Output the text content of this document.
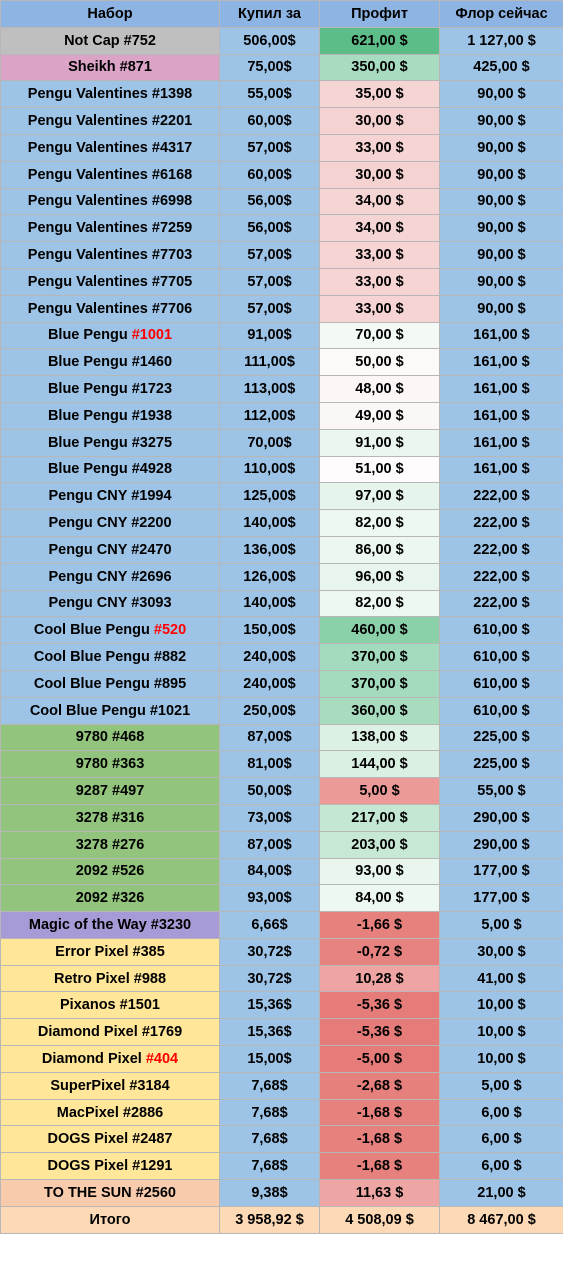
Набор	Купил за	Профит	Флор сейчас
Not Cap #752	506,00$	621,00 $	1 127,00 $
Sheikh #871	75,00$	350,00 $	425,00 $
Pengu Valentines #1398	55,00$	35,00 $	90,00 $
Pengu Valentines #2201	60,00$	30,00 $	90,00 $
Pengu Valentines #4317	57,00$	33,00 $	90,00 $
Pengu Valentines #6168	60,00$	30,00 $	90,00 $
Pengu Valentines #6998	56,00$	34,00 $	90,00 $
Pengu Valentines #7259	56,00$	34,00 $	90,00 $
Pengu Valentines #7703	57,00$	33,00 $	90,00 $
Pengu Valentines #7705	57,00$	33,00 $	90,00 $
Pengu Valentines #7706	57,00$	33,00 $	90,00 $
Blue Pengu #1001	91,00$	70,00 $	161,00 $
Blue Pengu #1460	111,00$	50,00 $	161,00 $
Blue Pengu #1723	113,00$	48,00 $	161,00 $
Blue Pengu #1938	112,00$	49,00 $	161,00 $
Blue Pengu #3275	70,00$	91,00 $	161,00 $
Blue Pengu #4928	110,00$	51,00 $	161,00 $
Pengu CNY #1994	125,00$	97,00 $	222,00 $
Pengu CNY #2200	140,00$	82,00 $	222,00 $
Pengu CNY #2470	136,00$	86,00 $	222,00 $
Pengu CNY #2696	126,00$	96,00 $	222,00 $
Pengu CNY #3093	140,00$	82,00 $	222,00 $
Cool Blue Pengu #520	150,00$	460,00 $	610,00 $
Cool Blue Pengu #882	240,00$	370,00 $	610,00 $
Cool Blue Pengu #895	240,00$	370,00 $	610,00 $
Cool Blue Pengu #1021	250,00$	360,00 $	610,00 $
9780 #468	87,00$	138,00 $	225,00 $
9780 #363	81,00$	144,00 $	225,00 $
9287 #497	50,00$	5,00 $	55,00 $
3278 #316	73,00$	217,00 $	290,00 $
3278 #276	87,00$	203,00 $	290,00 $
2092 #526	84,00$	93,00 $	177,00 $
2092 #326	93,00$	84,00 $	177,00 $
Magic of the Way #3230	6,66$	-1,66 $	5,00 $
Error Pixel #385	30,72$	-0,72 $	30,00 $
Retro Pixel #988	30,72$	10,28 $	41,00 $
Pixanos #1501	15,36$	-5,36 $	10,00 $
Diamond Pixel #1769	15,36$	-5,36 $	10,00 $
Diamond Pixel #404	15,00$	-5,00 $	10,00 $
SuperPixel #3184	7,68$	-2,68 $	5,00 $
MacPixel #2886	7,68$	-1,68 $	6,00 $
DOGS Pixel #2487	7,68$	-1,68 $	6,00 $
DOGS Pixel #1291	7,68$	-1,68 $	6,00 $
TO THE SUN #2560	9,38$	11,63 $	21,00 $
Итого	3 958,92 $	4 508,09 $	8 467,00 $
